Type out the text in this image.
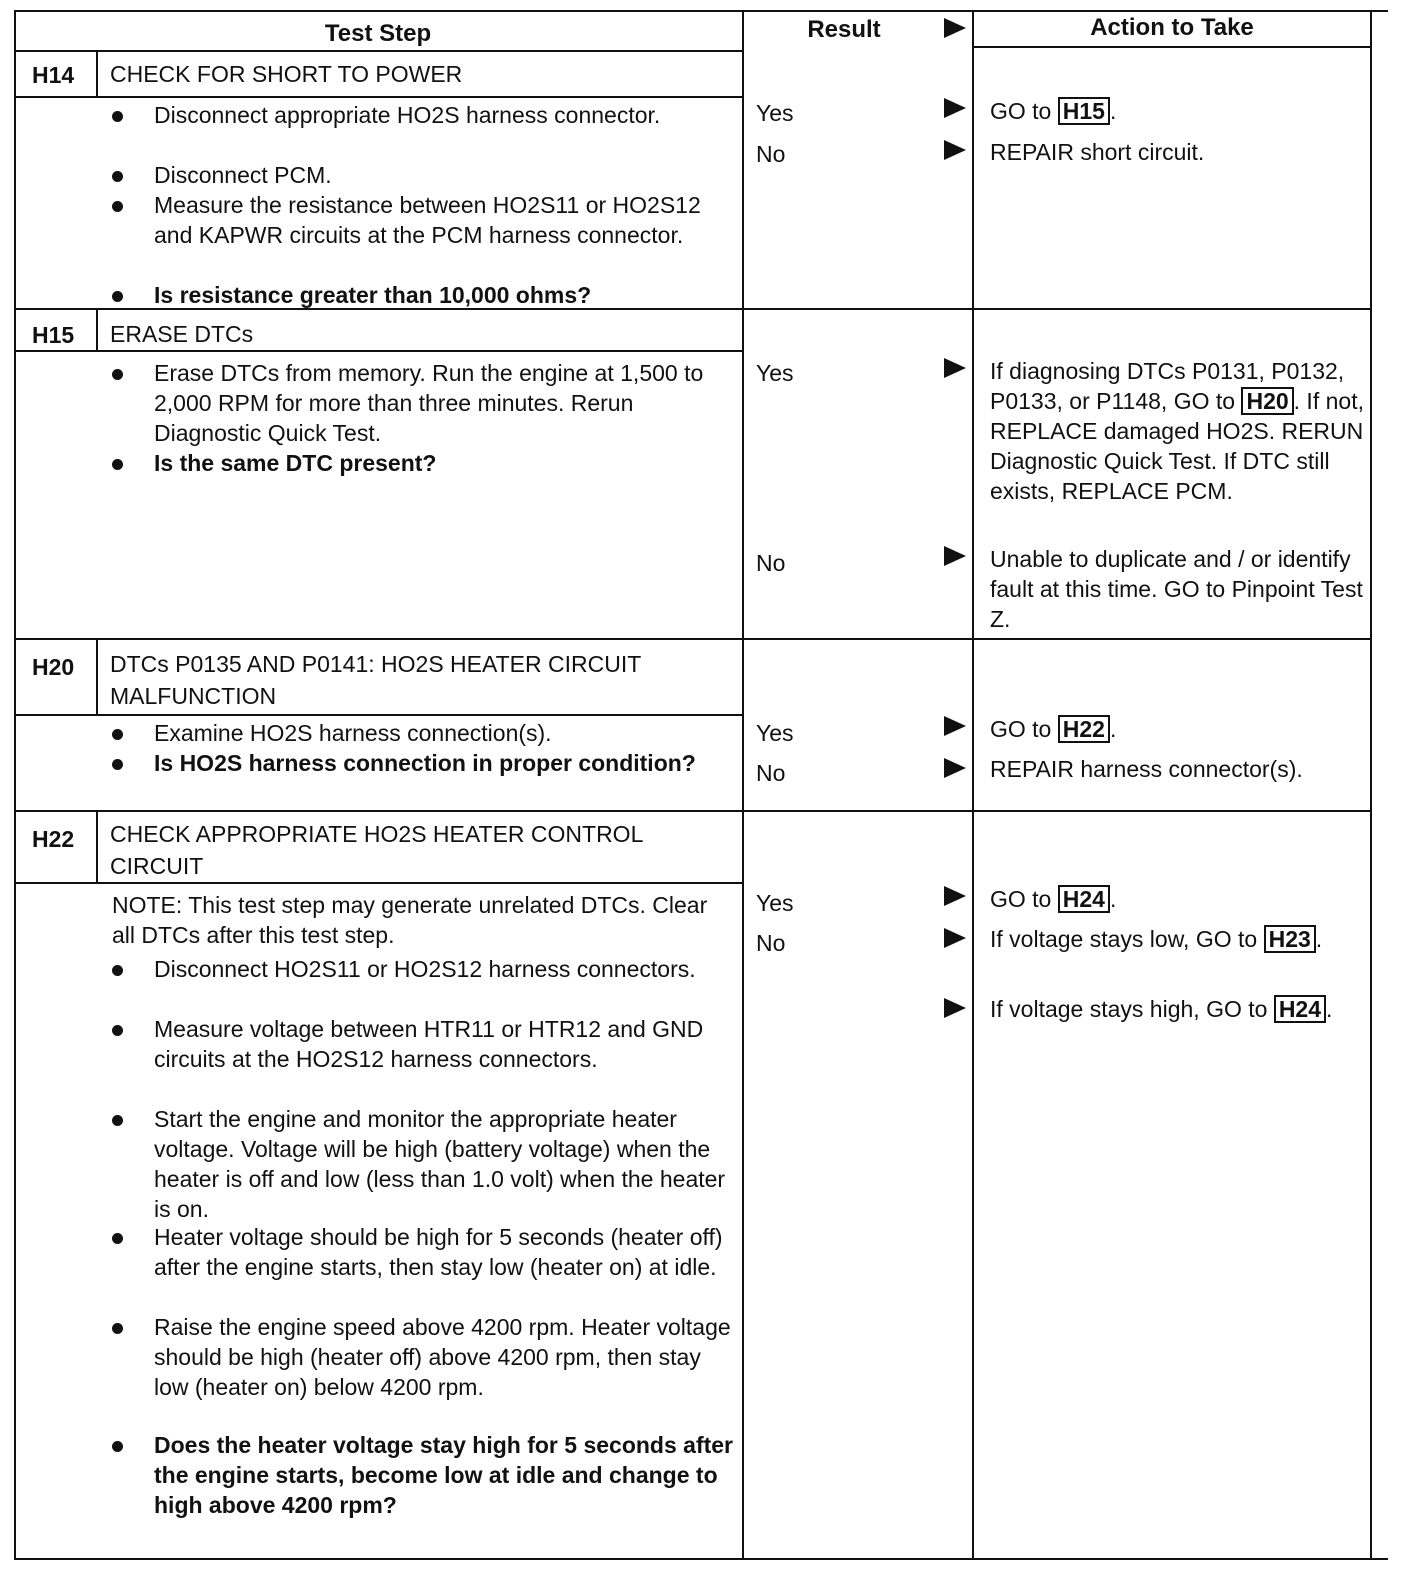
Test Step	Result	Action to Take
H14 CHECK FOR SHORT TO POWER
Disconnect appropriate HO2S harness connector.
Disconnect PCM.
Measure the resistance between HO2S11 or HO2S12 and KAPWR circuits at the PCM harness connector.
Is resistance greater than 10,000 ohms?
Yes	GO to H15 .
No	REPAIR short circuit.
H15 ERASE DTCs
Erase DTCs from memory. Run the engine at 1,500 to 2,000 RPM for more than three minutes. Rerun Diagnostic Quick Test.
Is the same DTC present?
Yes	If diagnosing DTCs P0131, P0132, P0133, or P1148, GO to H20 . If not, REPLACE damaged HO2S. RERUN Diagnostic Quick Test. If DTC still exists, REPLACE PCM.
No	Unable to duplicate and / or identify fault at this time. GO to Pinpoint Test Z.
H20 DTCs P0135 AND P0141: HO2S HEATER CIRCUIT MALFUNCTION
Examine HO2S harness connection(s).
Is HO2S harness connection in proper condition?
Yes	GO to H22 .
No	REPAIR harness connector(s).
H22 CHECK APPROPRIATE HO2S HEATER CONTROL CIRCUIT
NOTE: This test step may generate unrelated DTCs. Clear all DTCs after this test step.
Disconnect HO2S11 or HO2S12 harness connectors.
Measure voltage between HTR11 or HTR12 and GND circuits at the HO2S12 harness connectors.
Start the engine and monitor the appropriate heater voltage. Voltage will be high (battery voltage) when the heater is off and low (less than 1.0 volt) when the heater is on.
Heater voltage should be high for 5 seconds (heater off) after the engine starts, then stay low (heater on) at idle.
Raise the engine speed above 4200 rpm. Heater voltage should be high (heater off) above 4200 rpm, then stay low (heater on) below 4200 rpm.
Does the heater voltage stay high for 5 seconds after the engine starts, become low at idle and change to high above 4200 rpm?
Yes	GO to H24 .
No	If voltage stays low, GO to H23 .
If voltage stays high, GO to H24 .
